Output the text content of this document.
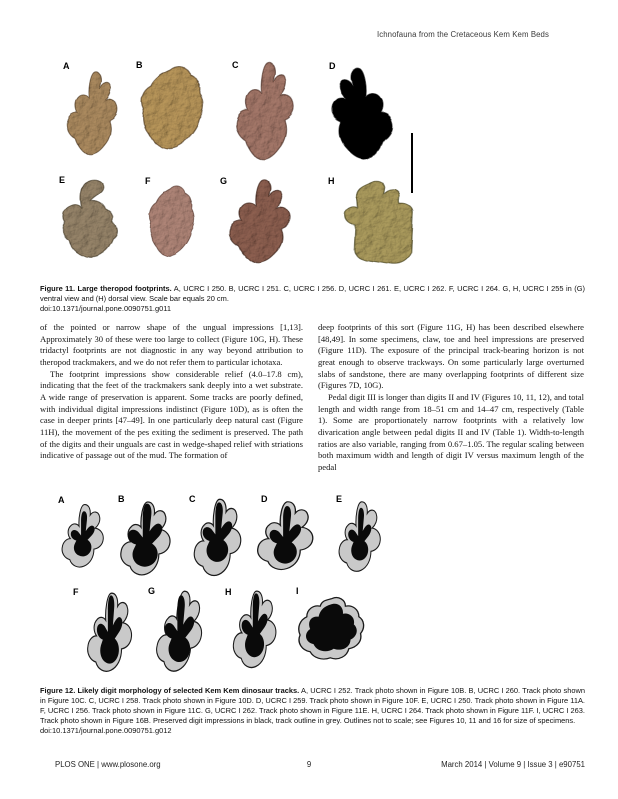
Ichnofauna from the Cretaceous Kem Kem Beds
A	B	C	D
E	F	G	H

Figure 11. Large theropod footprints. A, UCRC I 250. B, UCRC I 251. C, UCRC I 256. D, UCRC I 261. E, UCRC I 262. F, UCRC I 264. G, H, UCRC I 255 in (G) ventral view and (H) dorsal view. Scale bar equals 20 cm.

doi:10.1371/journal.pone.0090751.g011

of the pointed or narrow shape of the ungual impressions [1,13]. Approximately 30 of these were too large to collect (Figure 10G, H). These tridactyl footprints are not diagnostic in any way beyond attribution to theropod trackmakers, and we do not refer them to particular ichotaxa.

The footprint impressions show considerable relief (4.0–17.8 cm), indicating that the feet of the trackmakers sank deeply into a wet substrate. A wide range of preservation is apparent. Some tracks are poorly defined, with individual digital impressions indistinct (Figure 10D), as is often the case in deeper prints [47–49]. In one particularly deep natural cast (Figure 11H), the movement of the pes exiting the sediment is preserved. The path of the digits and their unguals are cast in wedge-shaped relief with striations indicative of passage out of the mud. The formation of

deep footprints of this sort (Figure 11G, H) has been described elsewhere [48,49]. In some specimens, claw, toe and heel impressions are preserved (Figure 11D). The exposure of the principal track-bearing horizon is not great enough to observe trackways. On some particularly large overturned slabs of sandstone, there are many overlapping footprints of different size (Figures 7D, 10G).

Pedal digit III is longer than digits II and IV (Figures 10, 11, 12), and total length and width range from 18–51 cm and 14–47 cm, respectively (Table 1). Some are proportionately narrow footprints with a relatively low divarication angle between pedal digits II and IV (Table 1). Width-to-length ratios are also variable, ranging from 0.67–1.05. The regular scaling between both maximum width and length of digit IV versus maximum length of the pedal

A	B	C	D	E
F	G	H	I

Figure 12. Likely digit morphology of selected Kem Kem dinosaur tracks. A, UCRC I 252. Track photo shown in Figure 10B. B, UCRC I 260. Track photo shown in Figure 10C. C, UCRC I 258. Track photo shown in Figure 10D. D, UCRC I 259. Track photo shown in Figure 10F. E, UCRC I 250. Track photo shown in Figure 11A. F, UCRC I 256. Track photo shown in Figure 11C. G, UCRC I 262. Track photo shown in Figure 11E. H, UCRC I 264. Track photo shown in Figure 11F. I, UCRC I 263. Track photo shown in Figure 16B. Preserved digit impressions in black, track outline in grey. Outlines not to scale; see Figures 10, 11 and 16 for size of specimens.

doi:10.1371/journal.pone.0090751.g012
PLOS ONE | www.plosone.org	9	March 2014 | Volume 9 | Issue 3 | e90751
